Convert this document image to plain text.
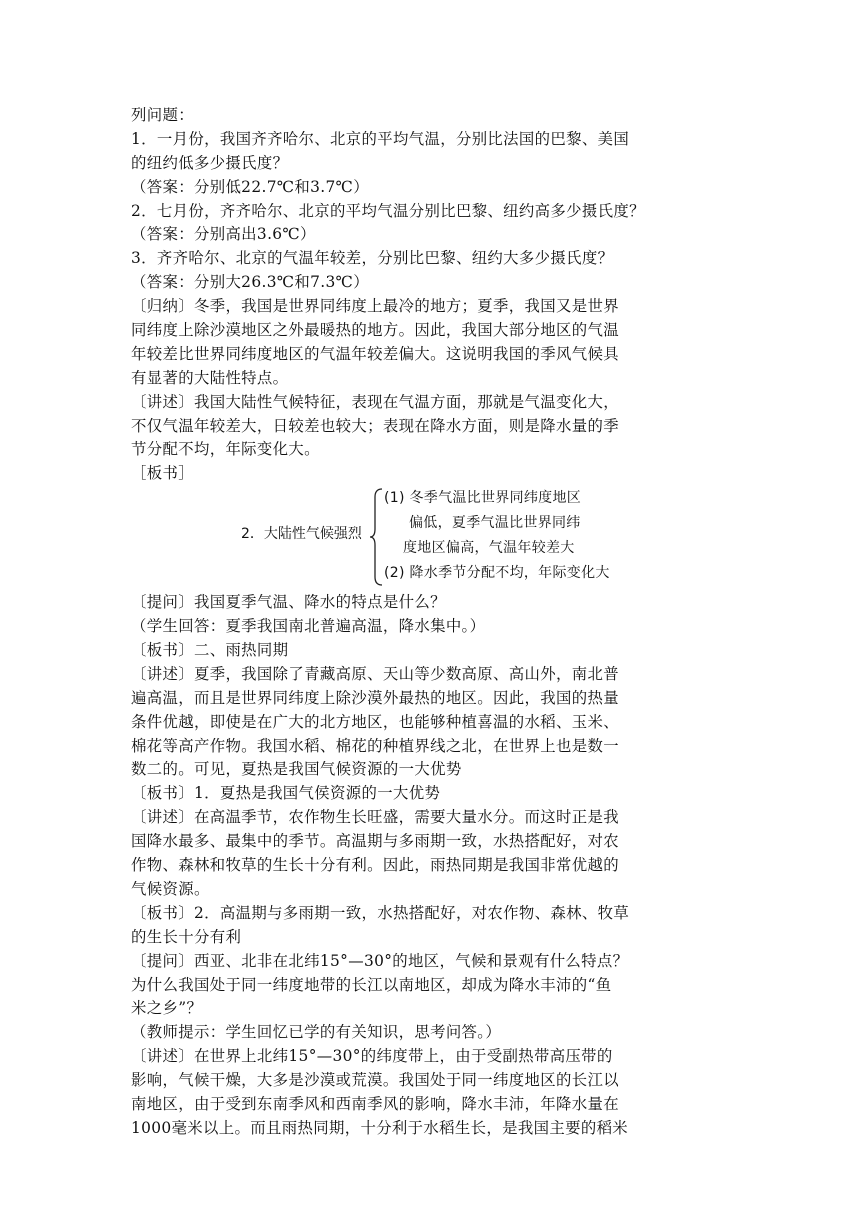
列问题：
1．一月份，我国齐齐哈尔、北京的平均气温，分别比法国的巴黎、美国
的纽约低多少摄氏度？
（答案：分别低22.7℃和3.7℃）
2．七月份，齐齐哈尔、北京的平均气温分别比巴黎、纽约高多少摄氏度？
（答案：分别高出3.6℃）
3．齐齐哈尔、北京的气温年较差，分别比巴黎、纽约大多少摄氏度？
（答案：分别大26.3℃和7.3℃）
〔归纳〕冬季，我国是世界同纬度上最冷的地方；夏季，我国又是世界
同纬度上除沙漠地区之外最暖热的地方。因此，我国大部分地区的气温
年较差比世界同纬度地区的气温年较差偏大。这说明我国的季风气候具
有显著的大陆性特点。
〔讲述〕我国大陆性气候特征，表现在气温方面，那就是气温变化大，
不仅气温年较差大，日较差也较大；表现在降水方面，则是降水量的季
节分配不均，年际变化大。
［板书］
2．大陆性气候强烈
(1) 冬季气温比世界同纬度地区
偏低，夏季气温比世界同纬
度地区偏高，气温年较差大
(2) 降水季节分配不均，年际变化大
〔提问〕我国夏季气温、降水的特点是什么？
（学生回答：夏季我国南北普遍高温，降水集中。）
〔板书〕二、雨热同期
〔讲述〕夏季，我国除了青藏高原、天山等少数高原、高山外，南北普
遍高温，而且是世界同纬度上除沙漠外最热的地区。因此，我国的热量
条件优越，即使是在广大的北方地区，也能够种植喜温的水稻、玉米、
棉花等高产作物。我国水稻、棉花的种植界线之北，在世界上也是数一
数二的。可见，夏热是我国气候资源的一大优势
〔板书〕1．夏热是我国气侯资源的一大优势
〔讲述〕在高温季节，农作物生长旺盛，需要大量水分。而这时正是我
国降水最多、最集中的季节。高温期与多雨期一致，水热搭配好，对农
作物、森林和牧草的生长十分有利。因此，雨热同期是我国非常优越的
气候资源。
〔板书〕2．高温期与多雨期一致，水热搭配好，对农作物、森林、牧草
的生长十分有利
〔提问〕西亚、北非在北纬15°—30°的地区，气候和景观有什么特点？
为什么我国处于同一纬度地带的长江以南地区，却成为降水丰沛的“鱼
米之乡”？
（教师提示：学生回忆已学的有关知识，思考问答。）
〔讲述〕在世界上北纬15°—30°的纬度带上，由于受副热带高压带的
影响，气候干燥，大多是沙漠或荒漠。我国处于同一纬度地区的长江以
南地区，由于受到东南季风和西南季风的影响，降水丰沛，年降水量在
1000毫米以上。而且雨热同期，十分利于水稻生长，是我国主要的稻米
